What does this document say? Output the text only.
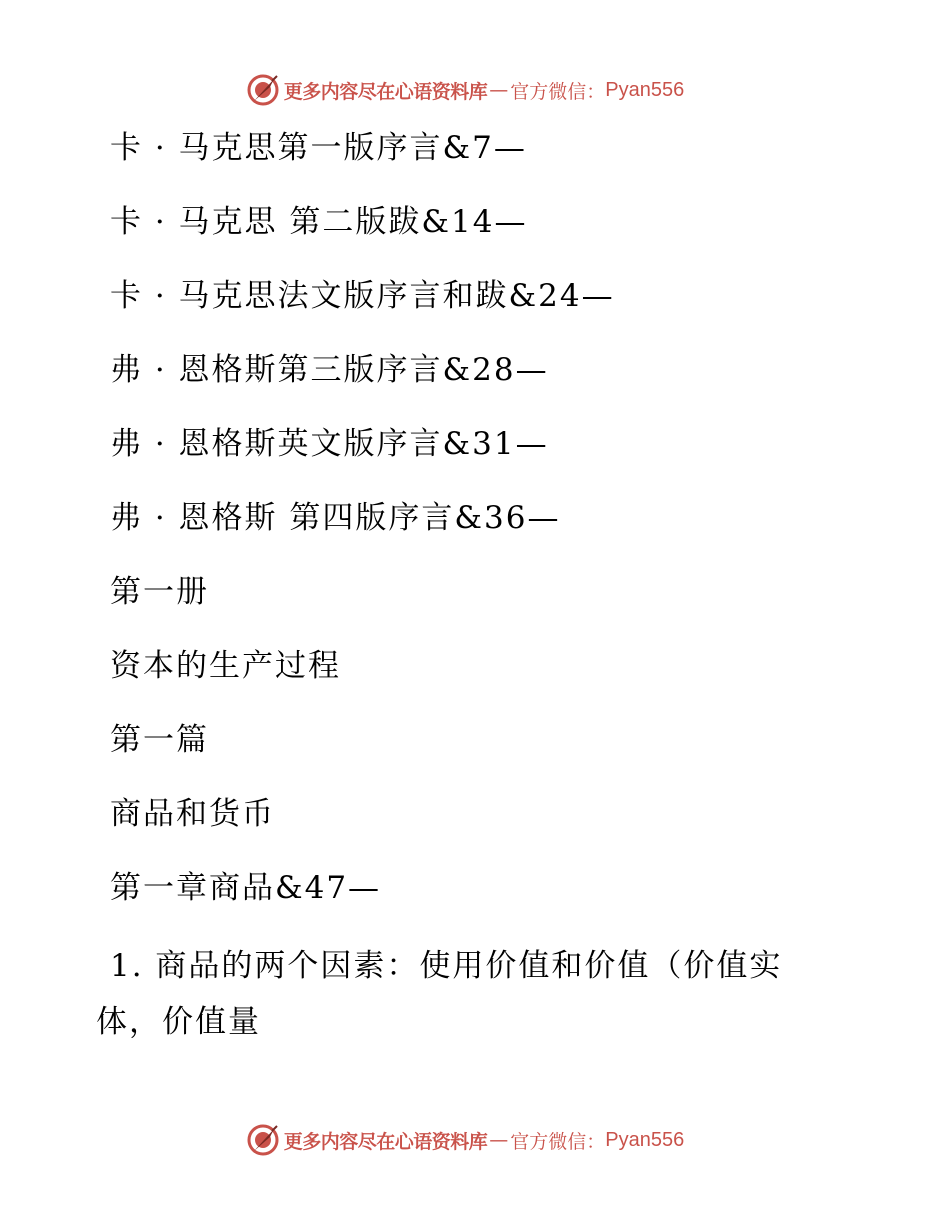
更多内容尽在心语资料库 — 官方微信： Pyan556
卡 · 马克思第一版序言&7—
卡 · 马克思 第二版跋&14—
卡 · 马克思法文版序言和跋&24—
弗 · 恩格斯第三版序言&28—
弗 · 恩格斯英文版序言&31—
弗 · 恩格斯 第四版序言&36—
第一册
资本的生产过程
第一篇
商品和货币
第一章商品&47—
1. 商品的两个因素：使用价值和价值（价值实体，价值量
更多内容尽在心语资料库 — 官方微信： Pyan556
